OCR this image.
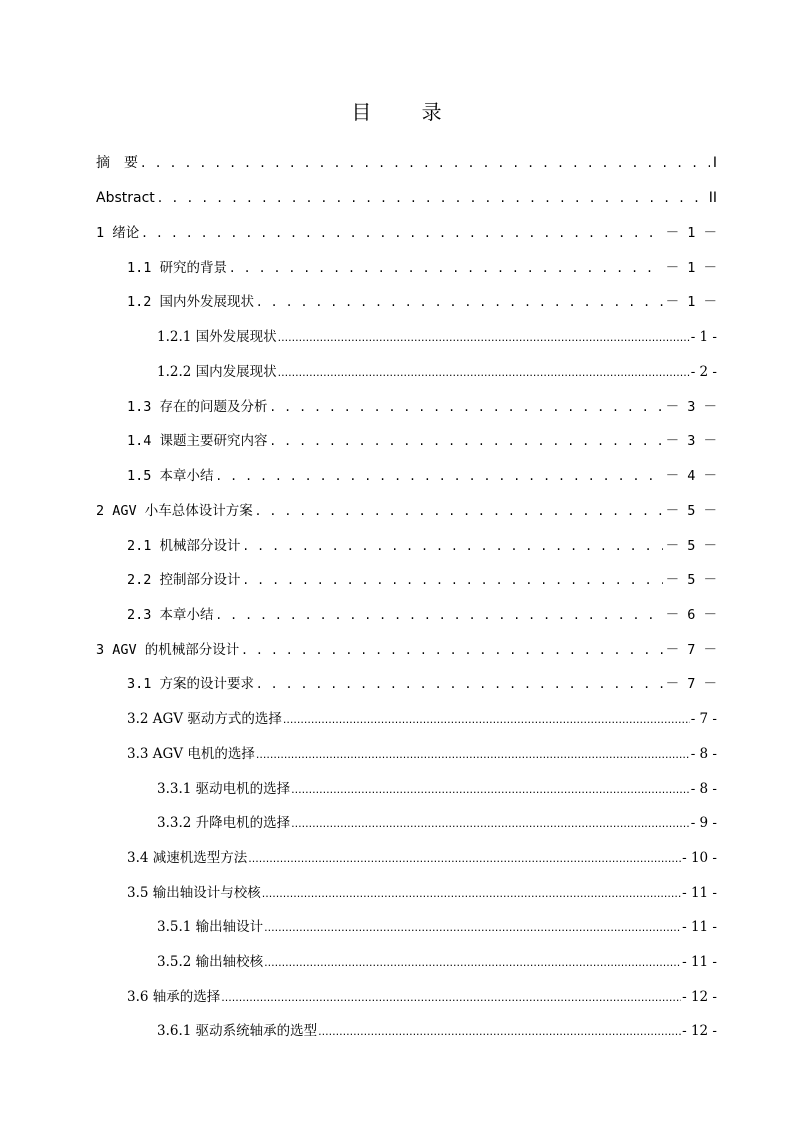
目 录
摘　要 . . .	I
Abstract . . .	II
1 绪论 . . .	－ 1 －
1.1 研究的背景 . . .	－ 1 －
1.2 国内外发展现状 . . .	－ 1 －
1.2.1 国外发展现状 .....	- 1 -
1.2.2 国内发展现状 .....	- 2 -
1.3 存在的问题及分析 . . .	－ 3 －
1.4 课题主要研究内容 . . .	－ 3 －
1.5 本章小结 . . .	－ 4 －
2 AGV 小车总体设计方案 . . .	－ 5 －
2.1 机械部分设计 . . .	－ 5 －
2.2 控制部分设计 . . .	－ 5 －
2.3 本章小结 . . .	－ 6 －
3 AGV 的机械部分设计 . . .	－ 7 －
3.1 方案的设计要求 . . .	－ 7 －
3.2 AGV 驱动方式的选择 .....	- 7 -
3.3 AGV 电机的选择 .....	- 8 -
3.3.1 驱动电机的选择 .....	- 8 -
3.3.2 升降电机的选择 .....	- 9 -
3.4 减速机选型方法 .....	- 10 -
3.5 输出轴设计与校核 .....	- 11 -
3.5.1 输出轴设计 .....	- 11 -
3.5.2 输出轴校核 .....	- 11 -
3.6 轴承的选择 .....	- 12 -
3.6.1 驱动系统轴承的选型 .....	- 12 -
